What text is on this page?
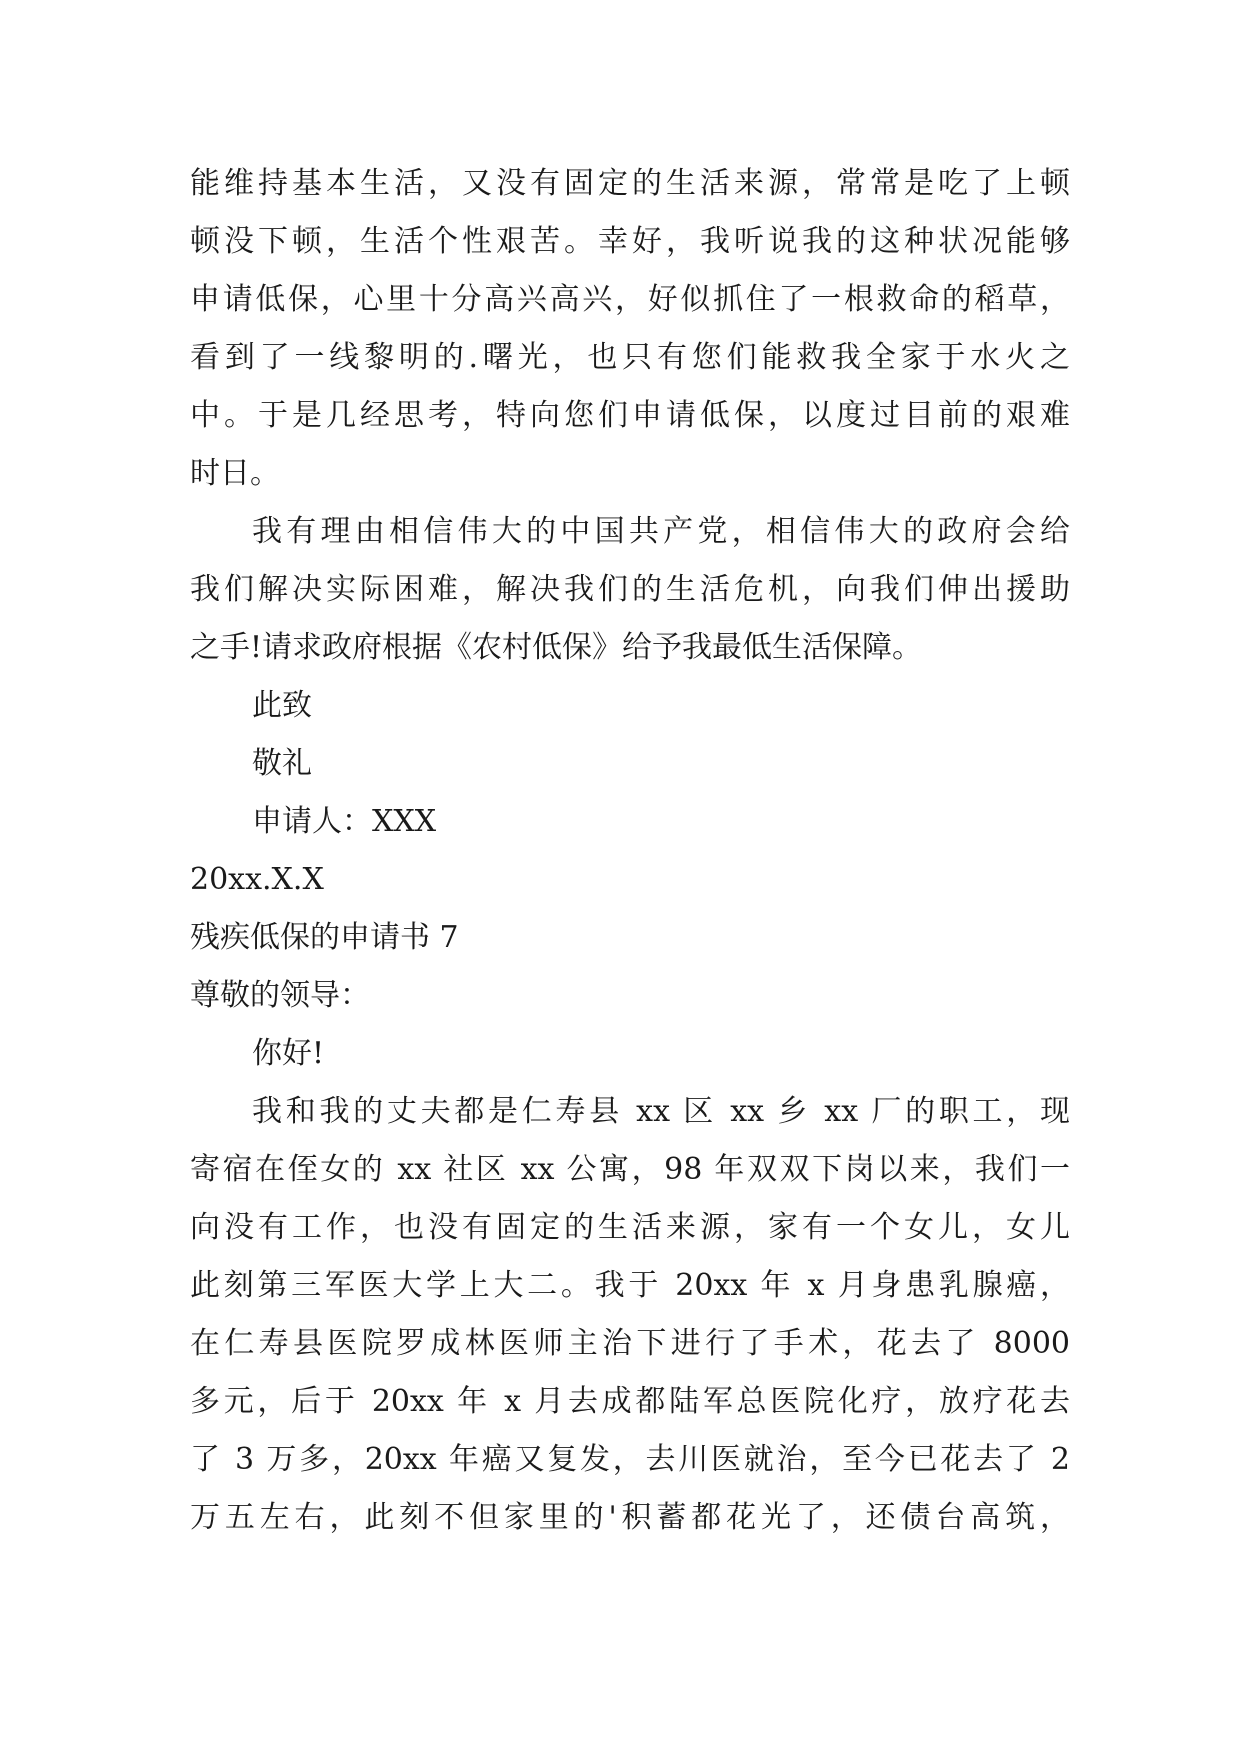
能维持基本生活，又没有固定的生活来源，常常是吃了上顿
顿没下顿，生活个性艰苦。幸好，我听说我的这种状况能够
申请低保，心里十分高兴高兴，好似抓住了一根救命的稻草，
看到了一线黎明的.曙光，也只有您们能救我全家于水火之
中。于是几经思考，特向您们申请低保，以度过目前的艰难
时日。
我有理由相信伟大的中国共产党，相信伟大的政府会给
我们解决实际困难，解决我们的生活危机，向我们伸出援助
之手!请求政府根据《农村低保》给予我最低生活保障。
此致
敬礼
申请人：XXX
20xx.X.X
残疾低保的申请书 7
尊敬的领导：
你好!
我和我的丈夫都是仁寿县 xx 区 xx 乡 xx 厂的职工，现
寄宿在侄女的 xx 社区 xx 公寓，98 年双双下岗以来，我们一
向没有工作，也没有固定的生活来源，家有一个女儿，女儿
此刻第三军医大学上大二。我于 20xx 年 x 月身患乳腺癌，
在仁寿县医院罗成林医师主治下进行了手术，花去了 8000
多元，后于 20xx 年 x 月去成都陆军总医院化疗，放疗花去
了 3 万多，20xx 年癌又复发，去川医就治，至今已花去了 2
万五左右，此刻不但家里的'积蓄都花光了，还债台高筑，
